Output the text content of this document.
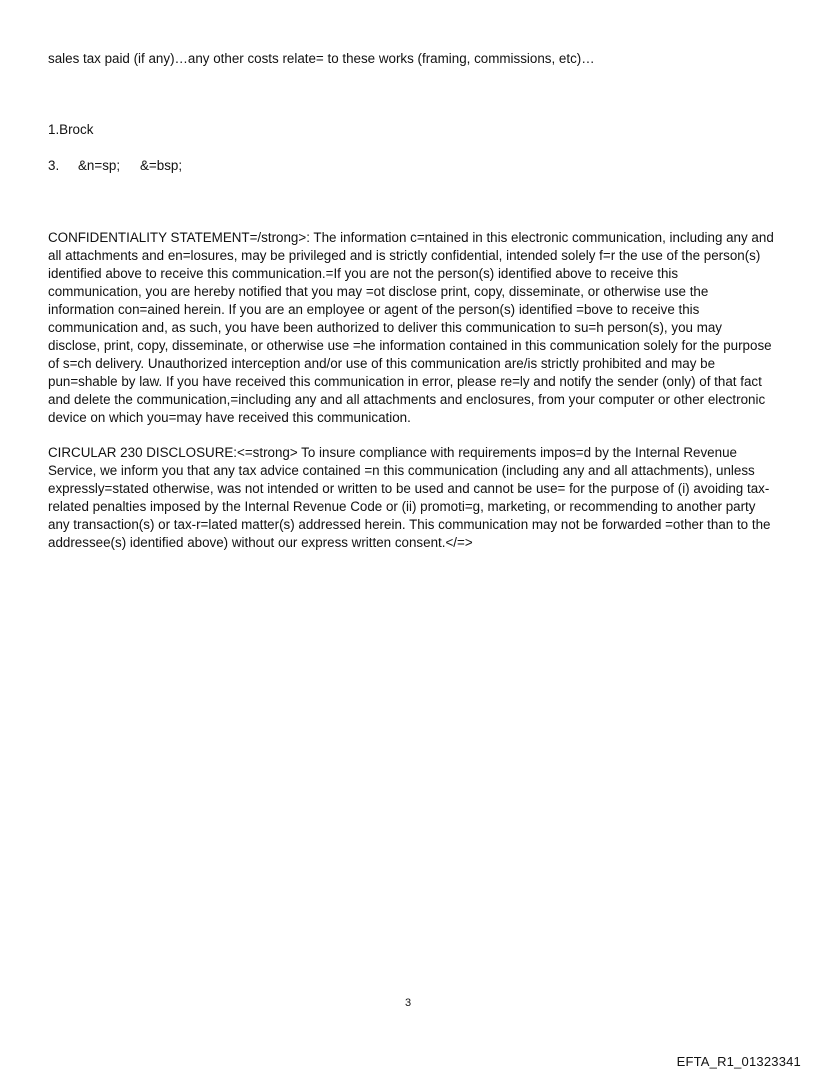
sales tax paid (if any)…any other costs relate= to these works (framing, commissions, etc)…

1.Brock

3. &n=sp; &=bsp;

CONFIDENTIALITY STATEMENT=/strong>: The information c=ntained in this electronic communication, including any and all attachments and en=losures, may be privileged and is strictly confidential, intended solely f=r the use of the person(s) identified above to receive this communication.=If you are not the person(s) identified above to receive this communication, you are hereby notified that you may =ot disclose print, copy, disseminate, or otherwise use the information con=ained herein. If you are an employee or agent of the person(s) identified =bove to receive this communication and, as such, you have been authorized to deliver this communication to su=h person(s), you may disclose, print, copy, disseminate, or otherwise use =he information contained in this communication solely for the purpose of s=ch delivery. Unauthorized interception and/or use of this communication are/is strictly prohibited and may be pun=shable by law. If you have received this communication in error, please re=ly and notify the sender (only) of that fact and delete the communication,=including any and all attachments and enclosures, from your computer or other electronic device on which you=may have received this communication.

CIRCULAR 230 DISCLOSURE:<=strong> To insure compliance with requirements impos=d by the Internal Revenue Service, we inform you that any tax advice contained =n this communication (including any and all attachments), unless expressly=stated otherwise, was not intended or written to be used and cannot be use= for the purpose of (i) avoiding tax-related penalties imposed by the Internal Revenue Code or (ii) promoti=g, marketing, or recommending to another party any transaction(s) or tax-r=lated matter(s) addressed herein. This communication may not be forwarded =other than to the addressee(s) identified above) without our express written consent.</=>

3
EFTA_R1_01323341
